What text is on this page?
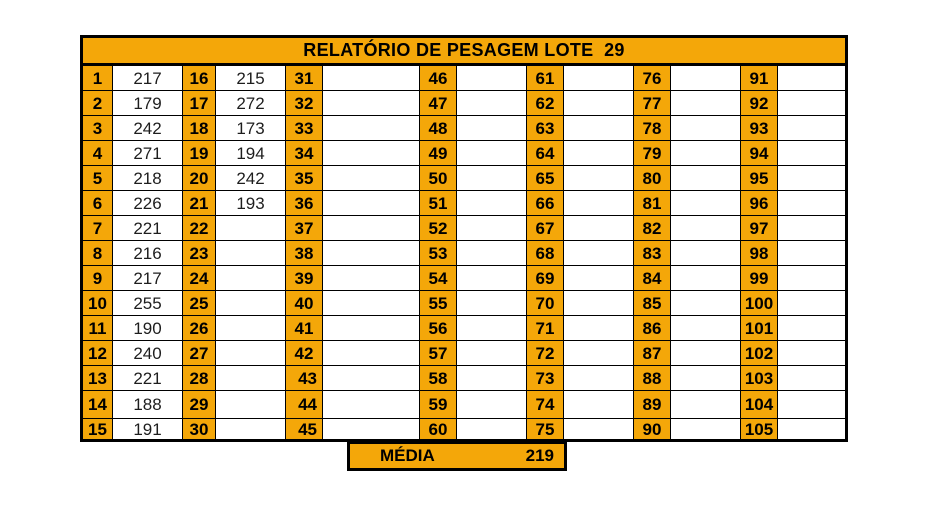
RELATÓRIO DE PESAGEM LOTE  29													
1	217	16	215	31		46		61		76		91	
2	179	17	272	32		47		62		77		92	
3	242	18	173	33		48		63		78		93	
4	271	19	194	34		49		64		79		94	
5	218	20	242	35		50		65		80		95	
6	226	21	193	36		51		66		81		96	
7	221	22		37		52		67		82		97	
8	216	23		38		53		68		83		98	
9	217	24		39		54		69		84		99	
10	255	25		40		55		70		85		100	
11	190	26		41		56		71		86		101	
12	240	27		42		57		72		87		102	
13	221	28		43		58		73		88		103	
14	188	29		44		59		74		89		104	
15	191	30		45		60		75		90		105	
MÉDIA	219
